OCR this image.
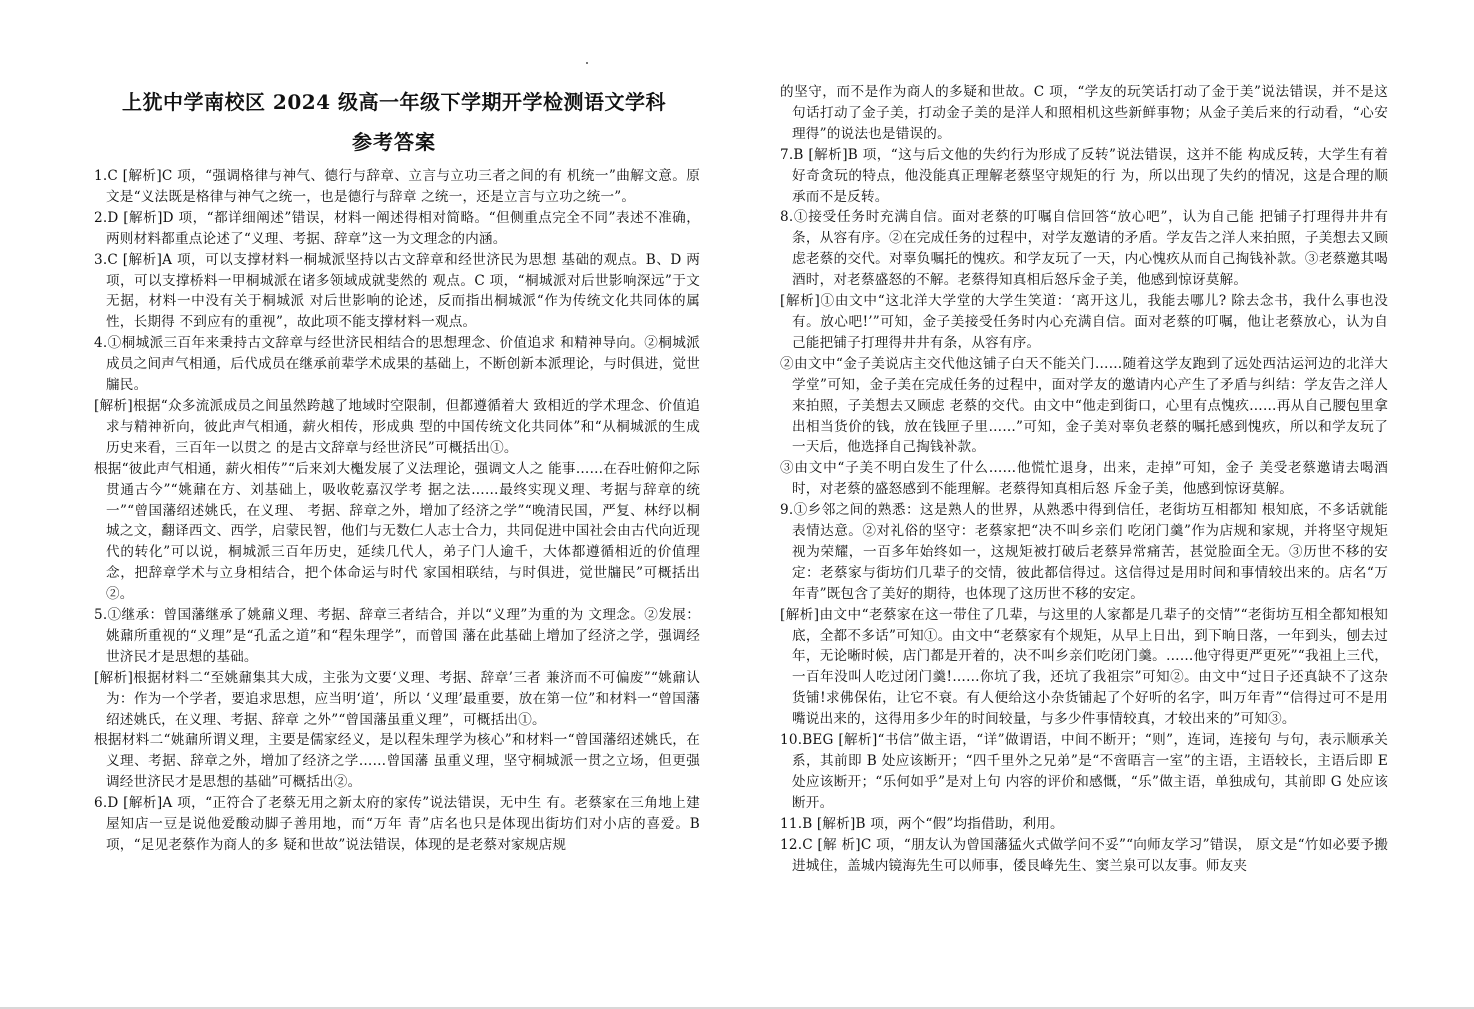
上犹中学南校区 2024 级高一年级下学期开学检测语文学科
参考答案

1.C [解析]C 项，“强调格律与神气、德行与辞章、立言与立功三者之间的有 机统一”曲解文意。原文是“义法既是格律与神气之统一，也是德行与辞章 之统一，还是立言与立功之统一”。

2.D [解析]D 项，“都详细阐述”错误，材料一阐述得相对简略。“但侧重点完全不同”表述不准确，两则材料都重点论述了“义理、考据、辞章”这一为文理念的内涵。

3.C [解析]A 项，可以支撑材料一桐城派坚持以古文辞章和经世济民为思想 基础的观点。B、D 两项，可以支撑桥料一甲桐城派在诸多领域成就斐然的 观点。C 项，“桐城派对后世影响深远”于文无据，材料一中没有关于桐城派 对后世影响的论述，反而指出桐城派“作为传统文化共同体的属性，长期得 不到应有的重视”，故此项不能支撑材料一观点。

4.①桐城派三百年来秉持古文辞章与经世济民相结合的思想理念、价值追求 和精神导向。②桐城派成员之间声气相通，后代成员在继承前辈学术成果的基础上，不断创新本派理论，与时俱进，觉世牖民。

[解析]根据“众多流派成员之间虽然跨越了地域时空限制，但都遵循着大 致相近的学术理念、价值追求与精神祈向，彼此声气相通，薪火相传，形成典 型的中国传统文化共同体”和“从桐城派的生成历史来看，三百年一以贯之 的是古文辞章与经世济民”可概括出①。

根据“彼此声气相通，薪火相传”“后来刘大櫆发展了义法理论，强调文人之 能事……在吞吐俯仰之际贯通古今”“姚鼐在方、刘基础上，吸收乾嘉汉学考 据之法……最终实现义理、考据与辞章的统一”“曾国藩绍述姚氏，在义理、 考据、辞章之外，增加了经济之学”“晚清民国，严复、林纾以桐城之文，翻译西文、西学，启蒙民智，他们与无数仁人志士合力，共同促进中国社会由古代向近现代的转化”可以说，桐城派三百年历史，延续几代人，弟子门人逾千，大体都遵循相近的价值理念，把辞章学术与立身相结合，把个体命运与时代 家国相联结，与时俱进，觉世牖民”可概括出②。

5.①继承：曾国藩继承了姚鼐义理、考据、辞章三者结合，并以“义理”为重的为 文理念。②发展：姚鼐所重视的“义理”是“孔孟之道”和“程朱理学”，而曾国 藩在此基础上增加了经济之学，强调经世济民才是思想的基础。

[解析]根据材料二“至姚鼐集其大成，主张为文要‘义理、考据、辞章’三者 兼济而不可偏废”“姚鼐认为：作为一个学者，要追求思想，应当明‘道’，所以 ‘义理’最重要，放在第一位”和材料一“曾国藩绍述姚氏，在义理、考据、辞章 之外”“曾国藩虽重义理”，可概括出①。

根据材料二“姚鼐所谓义理，主要是儒家经义，是以程朱理学为核心”和材料一“曾国藩绍述姚氏，在义理、考据、辞章之外，增加了经济之学……曾国藩 虽重义理，坚守桐城派一贯之立场，但更强调经世济民才是思想的基础”可概括出②。

6.D [解析]A 项，“正符合了老蔡无用之新太府的家传”说法错误，无中生 有。老蔡家在三角地上建屋知店一豆是说他爱酸动脚子善用地，而“万年 青”店名也只是体现出街坊们对小店的喜爱。B 项，“足见老蔡作为商人的多 疑和世故”说法错误，体现的是老蔡对家规店规

的坚守，而不是作为商人的多疑和世故。C 项，“学友的玩笑话打动了金于美”说法错误，并不是这句话打动了金子美，打动金子美的是洋人和照相机这些新鲜事物；从金子美后来的行动看，“心安理得”的说法也是错误的。

7.B [解析]B 项，“这与后文他的失约行为形成了反转”说法错误，这并不能 构成反转，大学生有着好奇贪玩的特点，他没能真正理解老蔡坚守规矩的行 为，所以出现了失约的情况，这是合理的顺承而不是反转。

8.①接受任务时充满自信。面对老蔡的叮嘱自信回答“放心吧”，认为自己能 把铺子打理得井井有条，从容有序。②在完成任务的过程中，对学友邀请的矛盾。学友告之洋人来拍照，子美想去又顾虑老蔡的交代。对辜负嘱托的愧疚。和学友玩了一天，内心愧疚从而自己掏钱补款。③老蔡邀其喝酒时，对老蔡盛怒的不解。老蔡得知真相后怒斥金子美，他感到惊讶莫解。

[解析]①由文中“这北洋大学堂的大学生笑道：‘离开这儿，我能去哪儿? 除去念书，我什么事也没有。放心吧!’”可知，金子美接受任务时内心充满自信。面对老蔡的叮嘱，他让老蔡放心，认为自己能把铺子打理得井井有条，从容有序。

②由文中“金子美说店主交代他这铺子白天不能关门……随着这学友跑到了远处西沽运河边的北洋大学堂”可知，金子美在完成任务的过程中，面对学友的邀请内心产生了矛盾与纠结：学友告之洋人来拍照，子美想去又顾虑 老蔡的交代。由文中“他走到街口，心里有点愧疚……再从自己腰包里拿出相当货价的钱，放在钱匣子里……”可知，金子美对辜负老蔡的嘱托感到愧疚，所以和学友玩了一天后，他选择自己掏钱补款。

③由文中“子美不明白发生了什么……他慌忙退身，出来，走掉”可知，金子 美受老蔡邀请去喝酒时，对老蔡的盛怒感到不能理解。老蔡得知真相后怒 斥金子美，他感到惊讶莫解。

9.①乡邻之间的熟悉：这是熟人的世界，从熟悉中得到信任，老街坊互相都知 根知底，不多话就能表情达意。②对礼俗的坚守：老蔡家把“决不叫乡亲们 吃闭门羹”作为店规和家规，并将坚守规矩视为荣耀，一百多年始终如一，这规矩被打破后老蔡异常痛苦，甚觉脸面全无。③历世不移的安定：老蔡家与街坊们几辈子的交情，彼此都信得过。这信得过是用时间和事情较出来的。店名“万年青”既包含了美好的期待，也体现了这历世不移的安定。

[解析]由文中“老蔡家在这一带住了几辈，与这里的人家都是几辈子的交情”“老街坊互相全都知根知底，全都不多话”可知①。由文中“老蔡家有个规矩，从早上日出，到下晌日落，一年到头，刨去过年，无论晰时候，店门都是开着的，决不叫乡亲们吃闭门羹。……他守得更严更死”“我祖上三代，一百年没叫人吃过闭门羹!……你坑了我，还坑了我祖宗”可知②。由文中“过日子还真缺不了这杂货铺!求佛保佑，让它不衰。有人便给这小杂货铺起了个好听的名字，叫万年青”“信得过可不是用嘴说出来的，这得用多少年的时间较量，与多少件事情较真，才较出来的”可知③。

10.BEG [解析]“书信”做主语，“详”做谓语，中间不断开；“则”，连词，连接句 与句，表示顺承关系，其前即 B 处应该断开；“四千里外之兄弟”是“不啻晤言一室”的主语，主语较长，主语后即 E 处应该断开；“乐何如乎”是对上句 内容的评价和感慨，“乐”做主语，单独成句，其前即 G 处应该断开。

11.B [解析]B 项，两个“假”均指借助，利用。

12.C [解 析]C 项，“朋友认为曾国藩猛火式做学问不妥”“向师友学习”错误， 原文是“竹如必要予搬进城住，盖城内镜海先生可以师事，倭艮峰先生、窦兰泉可以友事。师友夹
